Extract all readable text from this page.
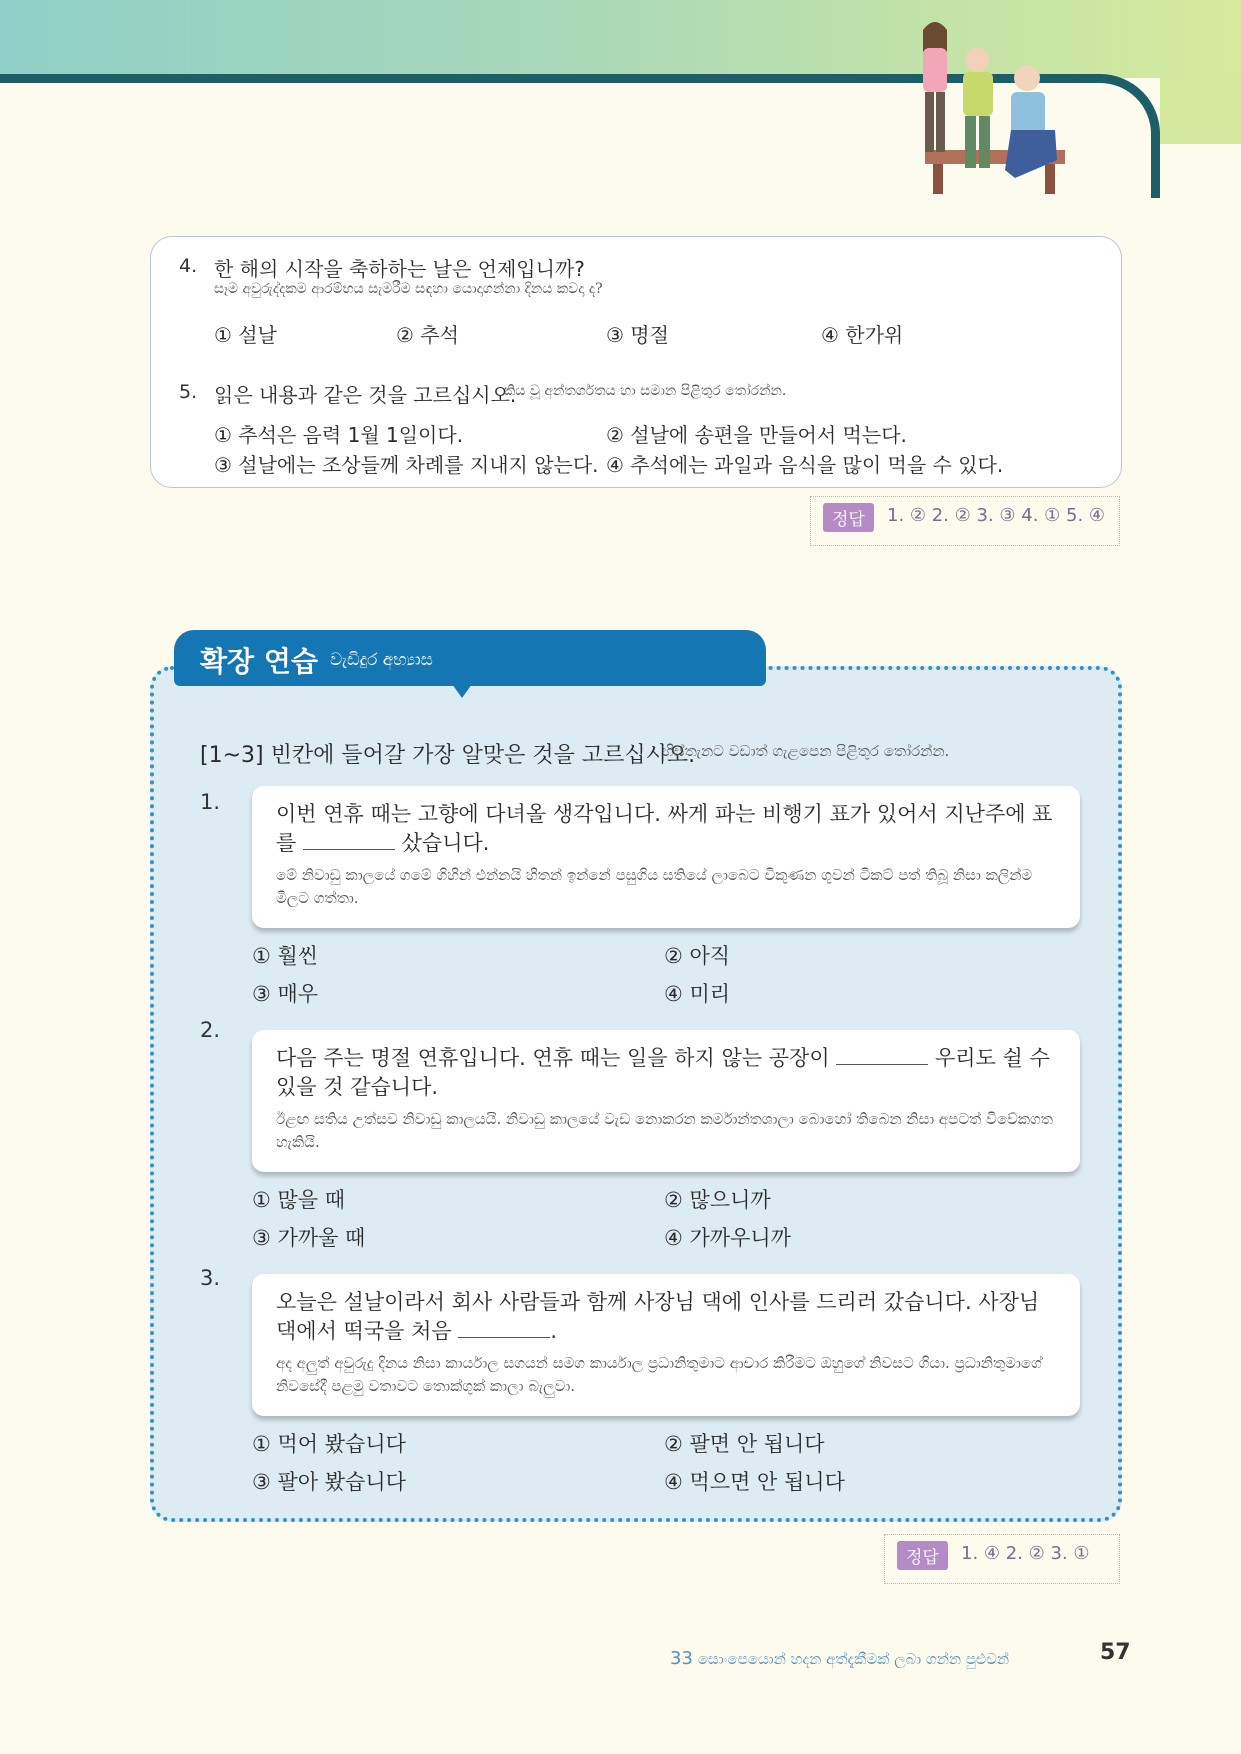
4. 한 해의 시작을 축하하는 날은 언제입니까?
සෑම අවුරුද්දකම ආරම්භය සැමරීම සඳහා යොදාගන්නා දිනය කවදා ද?
① 설날	② 추석	③ 명절	④ 한가위
5. 읽은 내용과 같은 것을 고르십시오.
කිය වූ අන්තර්ගතය හා සමාන පිළිතුර තෝරන්න.
① 추석은 음력 1월 1일이다.	② 설날에 송편을 만들어서 먹는다.
③ 설날에는 조상들께 차례를 지내지 않는다. ④ 추석에는 과일과 음식을 많이 먹을 수 있다.
정답	1. ② 2. ② 3. ③ 4. ① 5. ④
확장 연습 වැඩිදුර අභ්‍යාස
[1~3] 빈칸에 들어갈 가장 알맞은 것을 고르십시오.
හිස්තැනට වඩාත් ගැළපෙන පිළිතුර තෝරන්න.
1.	이번 연휴 때는 고향에 다녀올 생각입니다. 싸게 파는 비행기 표가 있어서 지난주에 표를	샀습니다.
මේ නිවාඩු කාලයේ ගමේ ගිහින් එන්නයි හිතන් ඉන්නේ පසුගිය සතියේ ලාබෙට විකුණන ගුවන් ටිකට් පත් තිබූ නිසා කලින්ම මිලට ගත්තා.
① 훨씬	② 아직
③ 매우	④ 미리
2.
다음 주는 명절 연휴입니다. 연휴 때는 일을 하지 않는 공장이	우리도 쉴 수 있을 것 같습니다.
ඊළඟ සතිය උත්සව නිවාඩු කාලයයි. නිවාඩු කාලයේ වැඩ නොකරන කර්මාන්තශාලා බොහෝ තිබෙන නිසා අපටත් විවේකගත හැකියි.
① 많을 때	② 많으니까
③ 가까울 때	④ 가까우니까
3.
오늘은 설날이라서 회사 사람들과 함께 사장님 댁에 인사를 드리러 갔습니다. 사장님 댁에서 떡국을 처음	.
අද අලුත් අවුරුදු දිනය නිසා කාර්යාල සගයන් සමග කාර්යාල ප්‍රධානිතුමාට ආචාර කිරීමට ඔහුගේ නිවසට ගියා. ප්‍රධානිතුමාගේ නිවසේදී පළමු වතාවට තොක්ගුක් කාලා බැලුවා.
① 먹어 봤습니다	② 팔면 안 됩니다
③ 팔아 봤습니다	④ 먹으면 안 됩니다
정답	1. ④ 2. ② 3. ①
33 සොංපෙයොන් හදන අත්දැකීමක් ලබා ගන්න පුළුවන්	57
